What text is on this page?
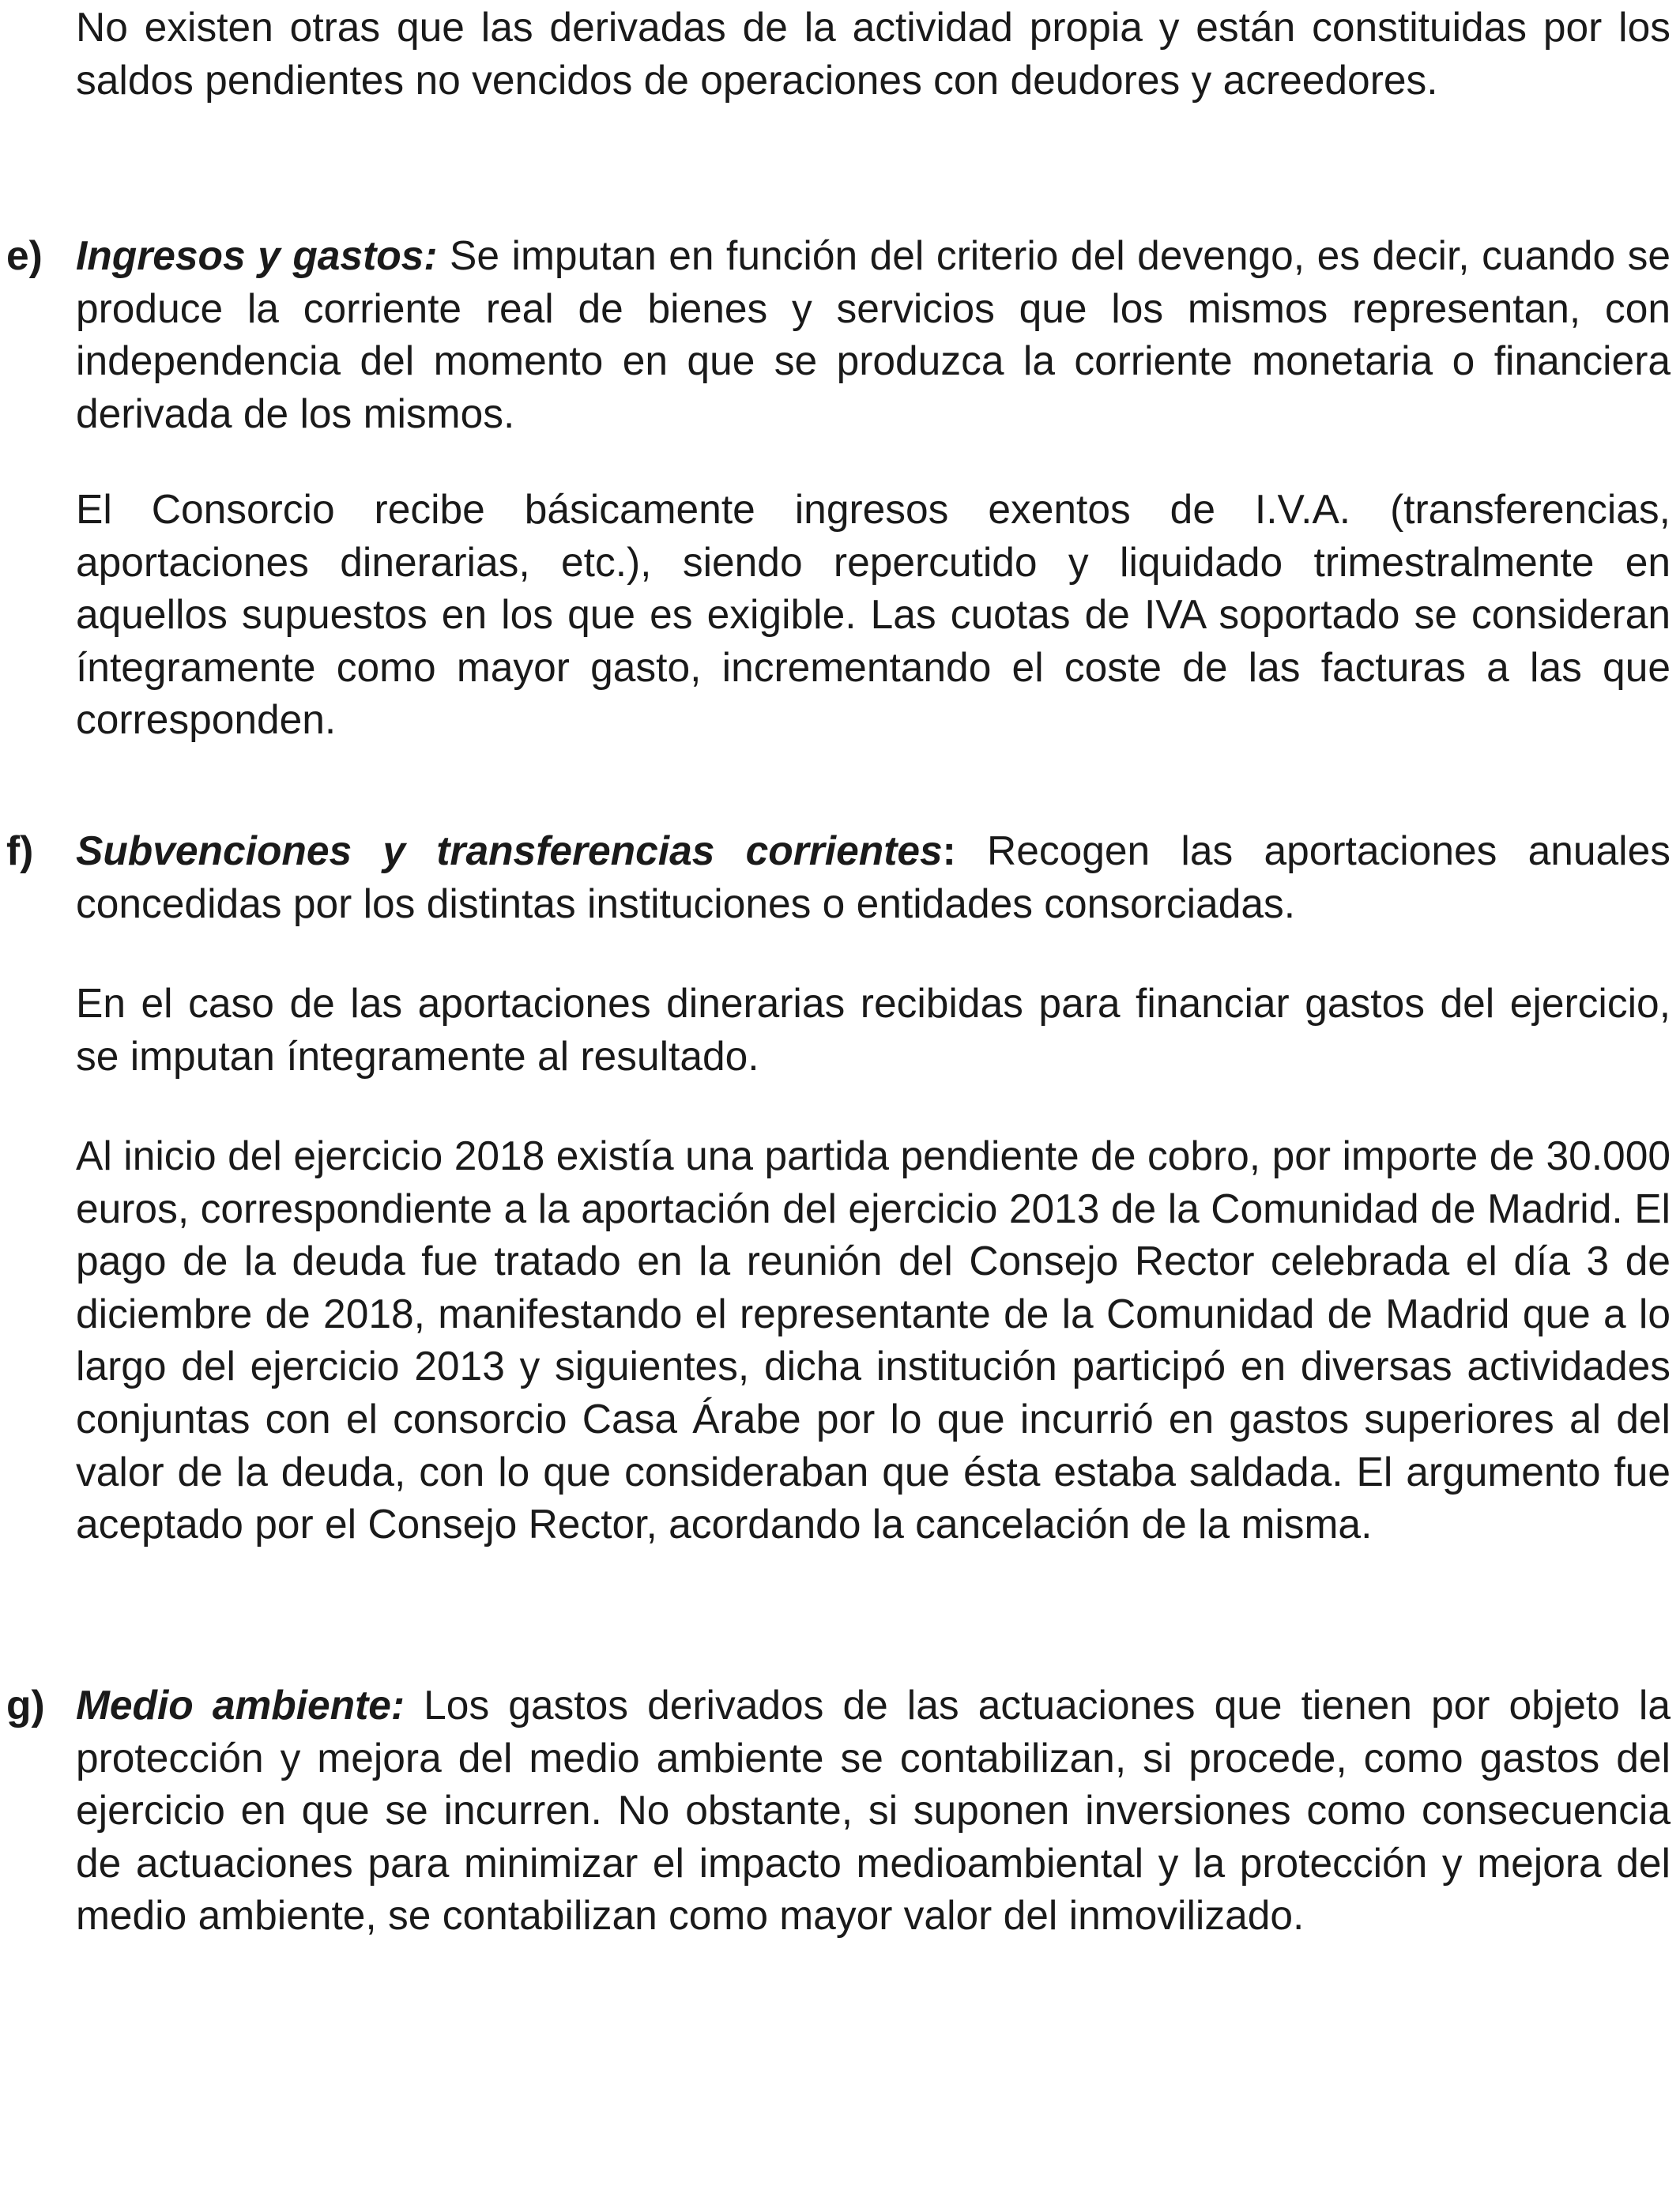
No existen otras que las derivadas de la actividad propia y están constituidas por los saldos pendientes no vencidos de operaciones con deudores y acreedores.

e) Ingresos y gastos: Se imputan en función del criterio del devengo, es decir, cuando se produce la corriente real de bienes y servicios que los mismos representan, con independencia del momento en que se produzca la corriente monetaria o financiera derivada de los mismos.

El Consorcio recibe básicamente ingresos exentos de I.V.A. (transferencias, aportaciones dinerarias, etc.), siendo repercutido y liquidado trimestralmente en aquellos supuestos en los que es exigible. Las cuotas de IVA soportado se consideran íntegramente como mayor gasto, incrementando el coste de las facturas a las que corresponden.

f) Subvenciones y transferencias corrientes: Recogen las aportaciones anuales concedidas por los distintas instituciones o entidades consorciadas.

En el caso de las aportaciones dinerarias recibidas para financiar gastos del ejercicio, se imputan íntegramente al resultado.

Al inicio del ejercicio 2018 existía una partida pendiente de cobro, por importe de 30.000 euros, correspondiente a la aportación del ejercicio 2013 de la Comunidad de Madrid. El pago de la deuda fue tratado en la reunión del Consejo Rector celebrada el día 3 de diciembre de 2018, manifestando el representante de la Comunidad de Madrid que a lo largo del ejercicio 2013 y siguientes, dicha institución participó en diversas actividades conjuntas con el consorcio Casa Árabe por lo que incurrió en gastos superiores al del valor de la deuda, con lo que consideraban que ésta estaba saldada. El argumento fue aceptado por el Consejo Rector, acordando la cancelación de la misma.

g) Medio ambiente: Los gastos derivados de las actuaciones que tienen por objeto la protección y mejora del medio ambiente se contabilizan, si procede, como gastos del ejercicio en que se incurren. No obstante, si suponen inversiones como consecuencia de actuaciones para minimizar el impacto medioambiental y la protección y mejora del medio ambiente, se contabilizan como mayor valor del inmovilizado.
